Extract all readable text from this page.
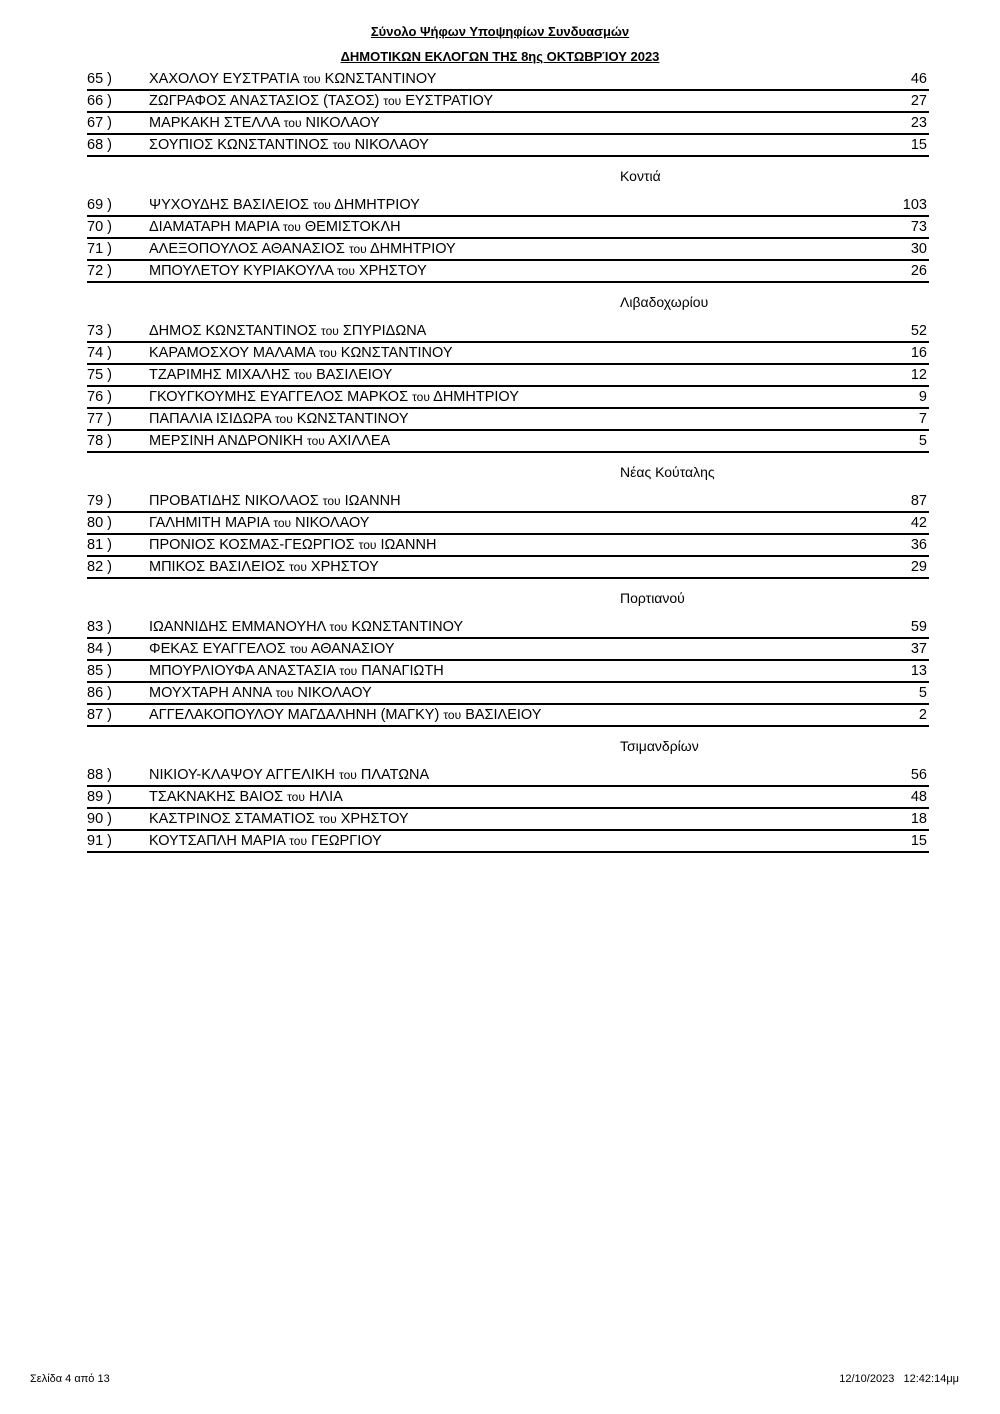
Σύνολο Ψήφων Υποψηφίων Συνδυασμών
ΔΗΜΟΤΙΚΩΝ ΕΚΛΟΓΩΝ ΤΗΣ 8ης ΟΚΤΩΒΡΊΟΥ 2023
65 )	ΧΑΧΟΛΟΥ ΕΥΣΤΡΑΤΙΑ του ΚΩΝΣΤΑΝΤΙΝΟΥ	46
66 )	ΖΩΓΡΑΦΟΣ ΑΝΑΣΤΑΣΙΟΣ (ΤΑΣΟΣ) του ΕΥΣΤΡΑΤΙΟΥ	27
67 )	ΜΑΡΚΑΚΗ ΣΤΕΛΛΑ του ΝΙΚΟΛΑΟΥ	23
68 )	ΣΟΥΠΙΟΣ ΚΩΝΣΤΑΝΤΙΝΟΣ του ΝΙΚΟΛΑΟΥ	15
Κοντιά
69 )	ΨΥΧΟΥΔΗΣ ΒΑΣΙΛΕΙΟΣ του ΔΗΜΗΤΡΙΟΥ	103
70 )	ΔΙΑΜΑΤΑΡΗ ΜΑΡΙΑ του ΘΕΜΙΣΤΟΚΛΗ	73
71 )	ΑΛΕΞΟΠΟΥΛΟΣ ΑΘΑΝΑΣΙΟΣ του ΔΗΜΗΤΡΙΟΥ	30
72 )	ΜΠΟΥΛΕΤΟΥ ΚΥΡΙΑΚΟΥΛΑ του ΧΡΗΣΤΟΥ	26
Λιβαδοχωρίου
73 )	ΔΗΜΟΣ ΚΩΝΣΤΑΝΤΙΝΟΣ του ΣΠΥΡΙΔΩΝΑ	52
74 )	ΚΑΡΑΜΟΣΧΟΥ ΜΑΛΑΜΑ του ΚΩΝΣΤΑΝΤΙΝΟΥ	16
75 )	ΤΖΑΡΙΜΗΣ ΜΙΧΑΛΗΣ του ΒΑΣΙΛΕΙΟΥ	12
76 )	ΓΚΟΥΓΚΟΥΜΗΣ ΕΥΑΓΓΕΛΟΣ ΜΑΡΚΟΣ του ΔΗΜΗΤΡΙΟΥ	9
77 )	ΠΑΠΑΛΙΑ ΙΣΙΔΩΡΑ του ΚΩΝΣΤΑΝΤΙΝΟΥ	7
78 )	ΜΕΡΣΙΝΗ ΑΝΔΡΟΝΙΚΗ του ΑΧΙΛΛΕΑ	5
Νέας Κούταλης
79 )	ΠΡΟΒΑΤΙΔΗΣ ΝΙΚΟΛΑΟΣ του ΙΩΑΝΝΗ	87
80 )	ΓΑΛΗΜΙΤΗ ΜΑΡΙΑ του ΝΙΚΟΛΑΟΥ	42
81 )	ΠΡΟΝΙΟΣ ΚΟΣΜΑΣ-ΓΕΩΡΓΙΟΣ του ΙΩΑΝΝΗ	36
82 )	ΜΠΙΚΟΣ ΒΑΣΙΛΕΙΟΣ του ΧΡΗΣΤΟΥ	29
Πορτιανού
83 )	ΙΩΑΝΝΙΔΗΣ ΕΜΜΑΝΟΥΗΛ του ΚΩΝΣΤΑΝΤΙΝΟΥ	59
84 )	ΦΕΚΑΣ ΕΥΑΓΓΕΛΟΣ του ΑΘΑΝΑΣΙΟΥ	37
85 )	ΜΠΟΥΡΛΙΟΥΦΑ ΑΝΑΣΤΑΣΙΑ του ΠΑΝΑΓΙΩΤΗ	13
86 )	ΜΟΥΧΤΑΡΗ ΑΝΝΑ του ΝΙΚΟΛΑΟΥ	5
87 )	ΑΓΓΕΛΑΚΟΠΟΥΛΟΥ ΜΑΓΔΑΛΗΝΗ (ΜΑΓΚΥ) του ΒΑΣΙΛΕΙΟΥ	2
Τσιμανδρίων
88 )	ΝΙΚΙΟΥ-ΚΛΑΨΟΥ ΑΓΓΕΛΙΚΗ του ΠΛΑΤΩΝΑ	56
89 )	ΤΣΑΚΝΑΚΗΣ ΒΑΙΟΣ του ΗΛΙΑ	48
90 )	ΚΑΣΤΡΙΝΟΣ ΣΤΑΜΑΤΙΟΣ του ΧΡΗΣΤΟΥ	18
91 )	ΚΟΥΤΣΑΠΛΗ ΜΑΡΙΑ του ΓΕΩΡΓΙΟΥ	15
Σελίδα 4 από 13	12/10/2023 12:42:14μμ
